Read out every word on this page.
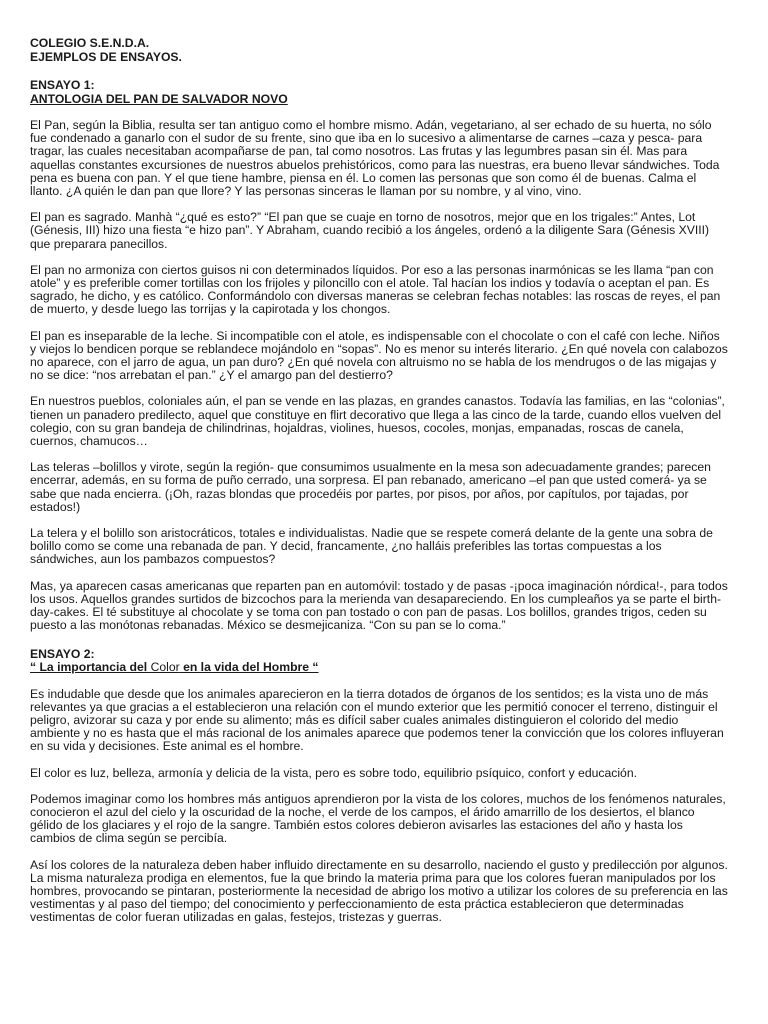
COLEGIO S.E.N.D.A.
EJEMPLOS DE ENSAYOS.
ENSAYO 1:
ANTOLOGIA DEL PAN DE SALVADOR NOVO

El Pan, según la Biblia, resulta ser tan antiguo como el hombre mismo. Adán, vegetariano, al ser echado de su huerta, no sólo fue condenado a ganarlo con el sudor de su frente, sino que iba en lo sucesivo a alimentarse de carnes –caza y pesca- para tragar, las cuales necesitaban acompañarse de pan, tal como nosotros. Las frutas y las legumbres pasan sin él. Mas para aquellas constantes excursiones de nuestros abuelos prehistóricos, como para las nuestras, era bueno llevar sándwiches. Toda pena es buena con pan. Y el que tiene hambre, piensa en él. Lo comen las personas que son como él de buenas. Calma el llanto. ¿A quién le dan pan que llore? Y las personas sinceras le llaman por su nombre, y al vino, vino.

El pan es sagrado. Manhà “¿qué es esto?” “El pan que se cuaje en torno de nosotros, mejor que en los trigales:” Antes, Lot (Génesis, III) hizo una fiesta “e hizo pan”. Y Abraham, cuando recibió a los ángeles, ordenó a la diligente Sara (Génesis XVIII) que preparara panecillos.

El pan no armoniza con ciertos guisos ni con determinados líquidos. Por eso a las personas inarmónicas se les llama “pan con atole” y es preferible comer tortillas con los frijoles y piloncillo con el atole. Tal hacían los indios y todavía o aceptan el pan. Es sagrado, he dicho, y es católico. Conformándolo con diversas maneras se celebran fechas notables: las roscas de reyes, el pan de muerto, y desde luego las torrijas y la capirotada y los chongos.

El pan es inseparable de la leche. Si incompatible con el atole, es indispensable con el chocolate o con el café con leche. Niños y viejos lo bendicen porque se reblandece mojándolo en “sopas”. No es menor su interés literario. ¿En qué novela con calabozos no aparece, con el jarro de agua, un pan duro? ¿En qué novela con altruismo no se habla de los mendrugos o de las migajas y no se dice: “nos arrebatan el pan.” ¿Y el amargo pan del destierro?

En nuestros pueblos, coloniales aún, el pan se vende en las plazas, en grandes canastos. Todavía las familias, en las “colonias”, tienen un panadero predilecto, aquel que constituye en flirt decorativo que llega a las cinco de la tarde, cuando ellos vuelven del colegio, con su gran bandeja de chilindrinas, hojaldras, violines, huesos, cocoles, monjas, empanadas, roscas de canela, cuernos, chamucos…

Las teleras –bolillos y virote, según la región- que consumimos usualmente en la mesa son adecuadamente grandes; parecen encerrar, además, en su forma de puño cerrado, una sorpresa. El pan rebanado, americano –el pan que usted comerá- ya se sabe que nada encierra. (¡Oh, razas blondas que procedéis por partes, por pisos, por años, por capítulos, por tajadas, por estados!)

La telera y el bolillo son aristocráticos, totales e individualistas. Nadie que se respete comerá delante de la gente una sobra de bolillo como se come una rebanada de pan. Y decid, francamente, ¿no halláis preferibles las tortas compuestas a los sándwiches, aun los pambazos compuestos?

Mas, ya aparecen casas americanas que reparten pan en automóvil: tostado y de pasas -¡poca imaginación nórdica!-, para todos los usos. Aquellos grandes surtidos de bizcochos para la merienda van desapareciendo. En los cumpleaños ya se parte el birth-day-cakes. El té substituye al chocolate y se toma con pan tostado o con pan de pasas. Los bolillos, grandes trigos, ceden su puesto a las monótonas rebanadas. México se desmejicaniza. “Con su pan se lo coma.”

ENSAYO 2:
“ La importancia del Color en la vida del Hombre “

Es indudable que desde que los animales aparecieron en la tierra dotados de órganos de los sentidos; es la vista uno de más relevantes ya que gracias a el establecieron una relación con el mundo exterior que les permitió conocer el terreno, distinguir el peligro, avizorar su caza y por ende su alimento; más es difícil saber cuales animales distinguieron el colorido del medio ambiente y no es hasta que el más racional de los animales aparece que podemos tener la convicción que los colores influyeran en su vida y decisiones. Este animal es el hombre.

El color es luz, belleza, armonía y delicia de la vista, pero es sobre todo, equilibrio psíquico, confort y educación.

Podemos imaginar como los hombres más antiguos aprendieron por la vista de los colores, muchos de los fenómenos naturales, conocieron el azul del cielo y la oscuridad de la noche, el verde de los campos, el árido amarrillo de los desiertos, el blanco gélido de los glaciares y el rojo de la sangre. También estos colores debieron avisarles las estaciones del año y hasta los cambios de clima según se percibía.

Así los colores de la naturaleza deben haber influido directamente en su desarrollo, naciendo el gusto y predilección por algunos. La misma naturaleza prodiga en elementos, fue la que brindo la materia prima para que los colores fueran manipulados por los hombres, provocando se pintaran, posteriormente la necesidad de abrigo los motivo a utilizar los colores de su preferencia en las vestimentas y al paso del tiempo; del conocimiento y perfeccionamiento de esta práctica establecieron que determinadas vestimentas de color fueran utilizadas en galas, festejos, tristezas y guerras.
